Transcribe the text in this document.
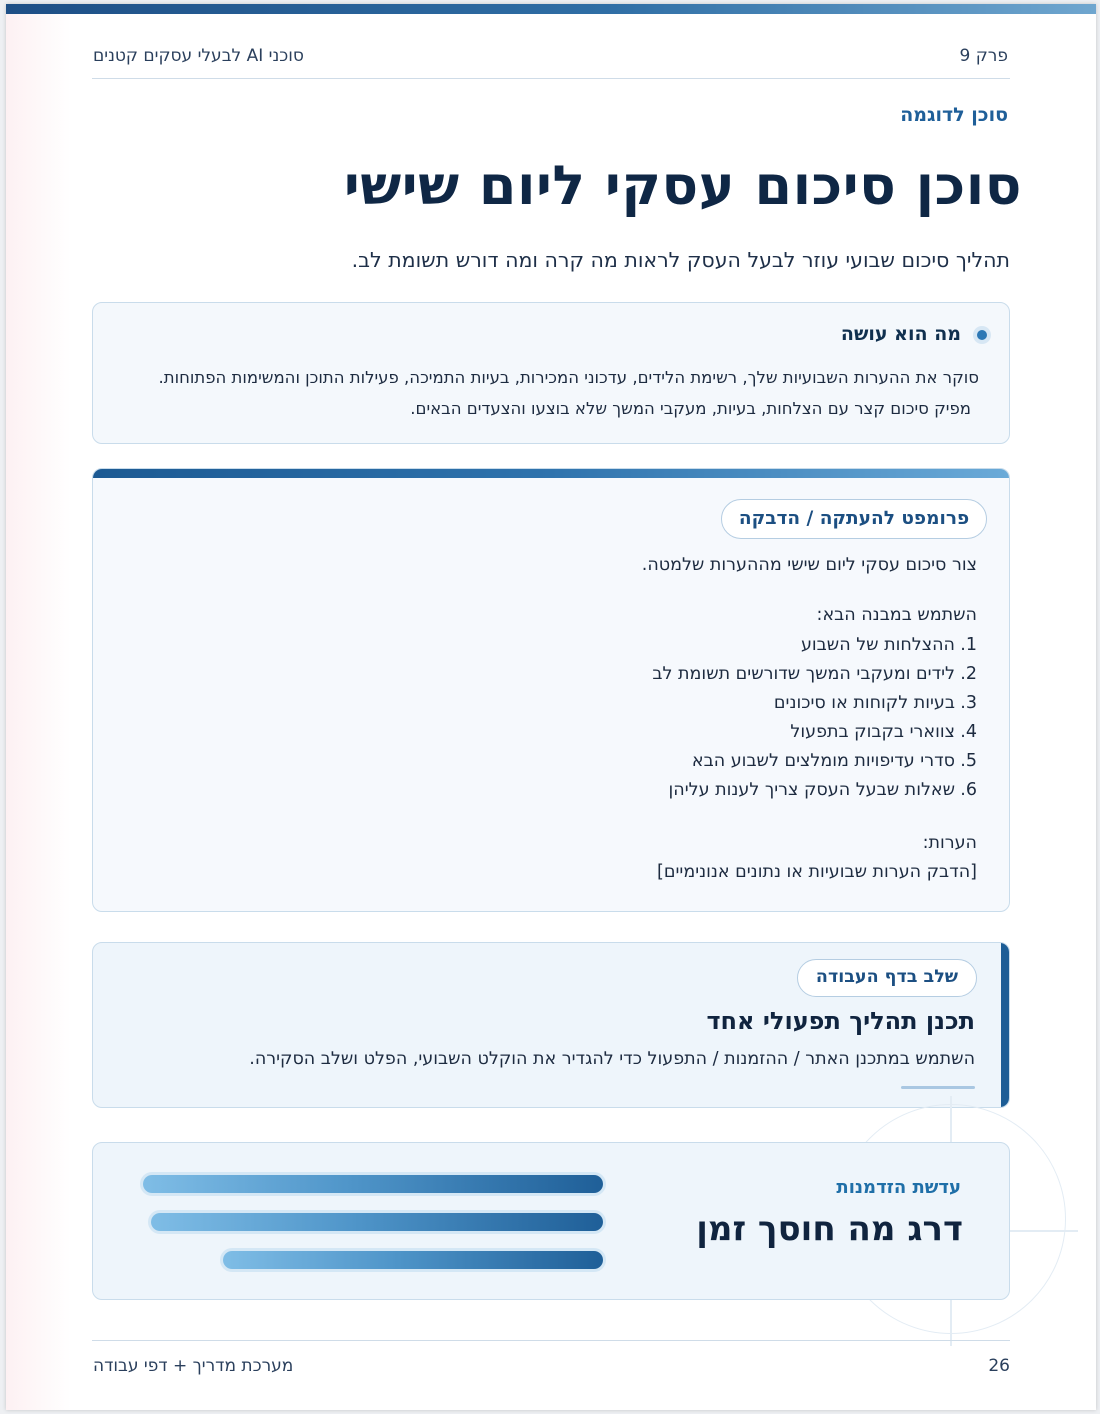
פרק 9
סוכני AI לבעלי עסקים קטנים
סוכן לדוגמה
סוכן סיכום עסקי ליום שישי
תהליך סיכום שבועי עוזר לבעל העסק לראות מה קרה ומה דורש תשומת לב.
מה הוא עושה
סוקר את ההערות השבועיות שלך, רשימת הלידים, עדכוני המכירות, בעיות התמיכה, פעילות התוכן והמשימות הפתוחות.
מפיק סיכום קצר עם הצלחות, בעיות, מעקבי המשך שלא בוצעו והצעדים הבאים.
פרומפט להעתקה / הדבקה
צור סיכום עסקי ליום שישי מההערות שלמטה.
השתמש במבנה הבא:
1.ההצלחות של השבוע
2.לידים ומעקבי המשך שדורשים תשומת לב
3.בעיות לקוחות או סיכונים
4.צווארי בקבוק בתפעול
5.סדרי עדיפויות מומלצים לשבוע הבא
6.שאלות שבעל העסק צריך לענות עליהן
הערות:
[הדבק הערות שבועיות או נתונים אנונימיים]
שלב בדף העבודה
תכנן תהליך תפעולי אחד
השתמש במתכנן האתר / ההזמנות / התפעול כדי להגדיר את הוקלט השבועי, הפלט ושלב הסקירה.
עדשת הזדמנות
דרג מה חוסך זמן
26
מערכת מדריך + דפי עבודה
